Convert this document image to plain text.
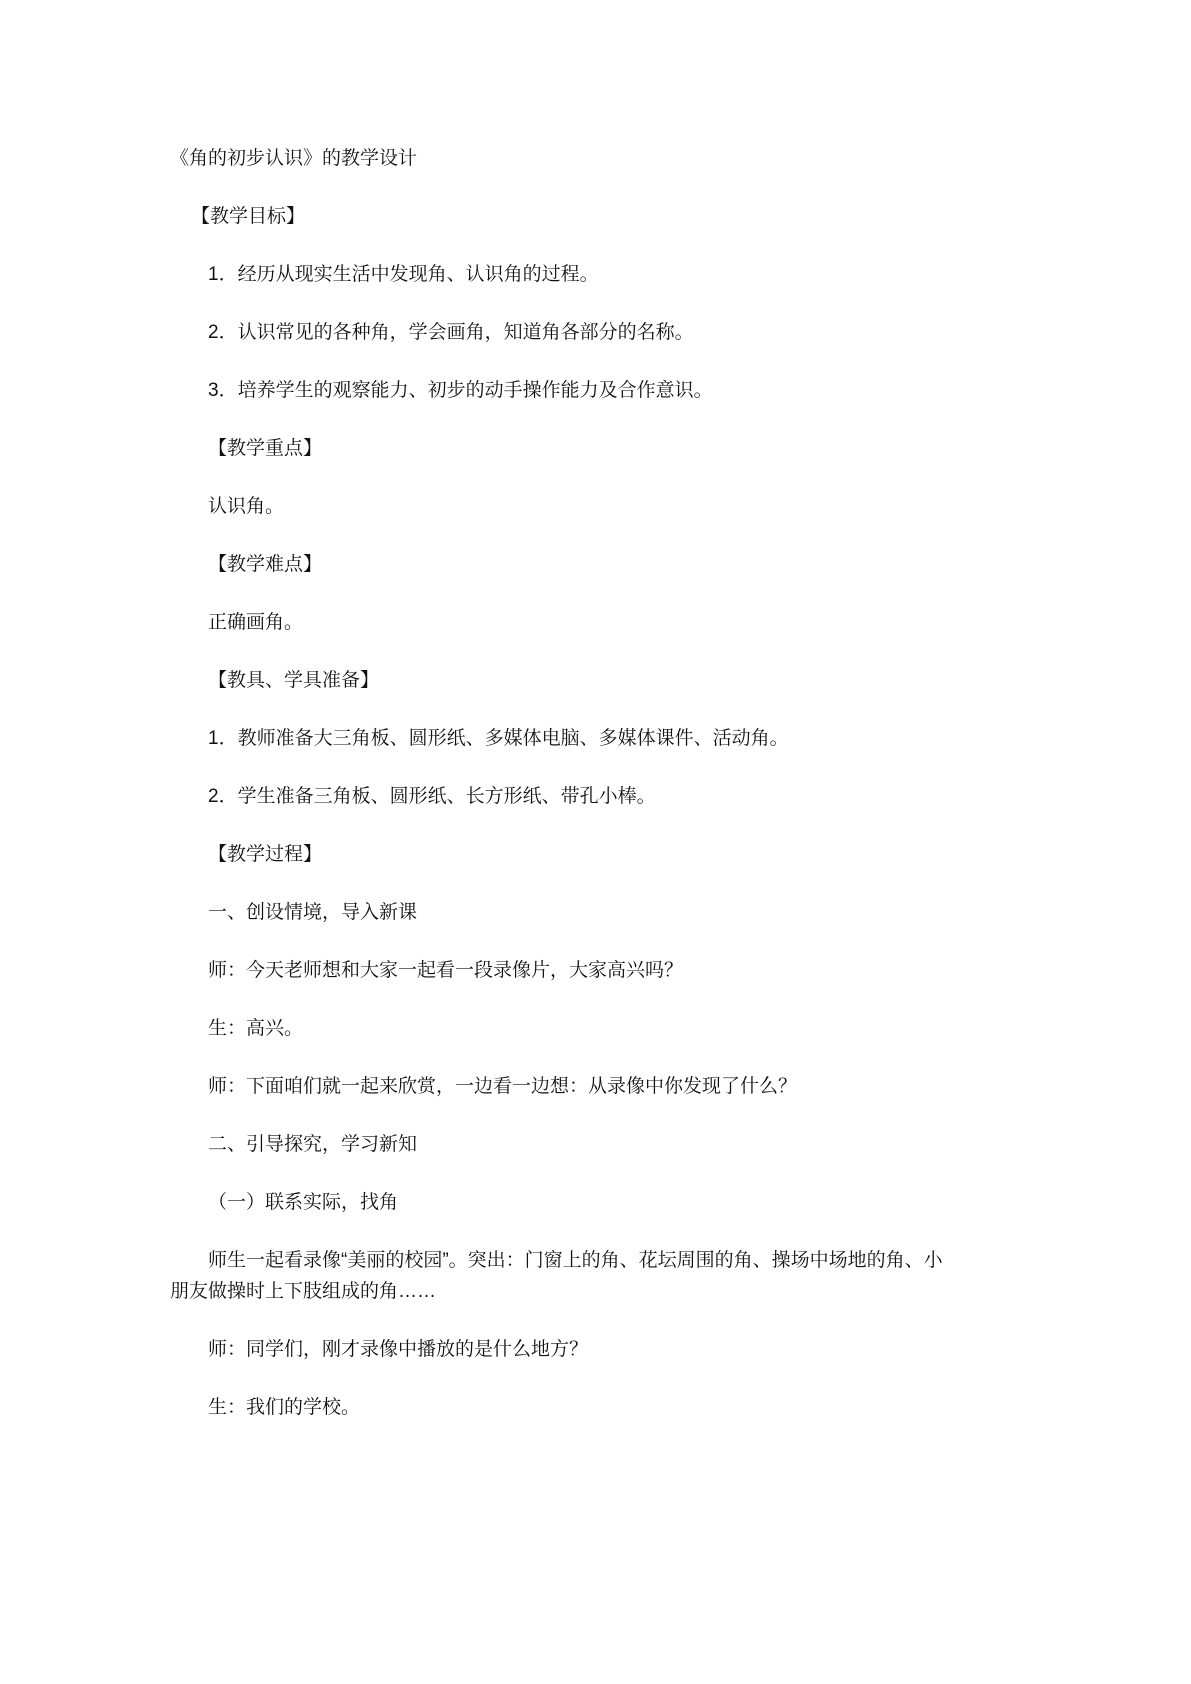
《角的初步认识》的教学设计

【教学目标】

1．经历从现实生活中发现角、认识角的过程。

2．认识常见的各种角，学会画角，知道角各部分的名称。

3．培养学生的观察能力、初步的动手操作能力及合作意识。

【教学重点】

认识角。

【教学难点】

正确画角。

【教具、学具准备】

1．教师准备大三角板、圆形纸、多媒体电脑、多媒体课件、活动角。

2．学生准备三角板、圆形纸、长方形纸、带孔小棒。

【教学过程】

一、创设情境，导入新课

师：今天老师想和大家一起看一段录像片，大家高兴吗？

生：高兴。

师：下面咱们就一起来欣赏，一边看一边想：从录像中你发现了什么？

二、引导探究，学习新知

（一）联系实际，找角

师生一起看录像“美丽的校园”。突出：门窗上的角、花坛周围的角、操场中场地的角、小朋友做操时上下肢组成的角……

师：同学们，刚才录像中播放的是什么地方？

生：我们的学校。
